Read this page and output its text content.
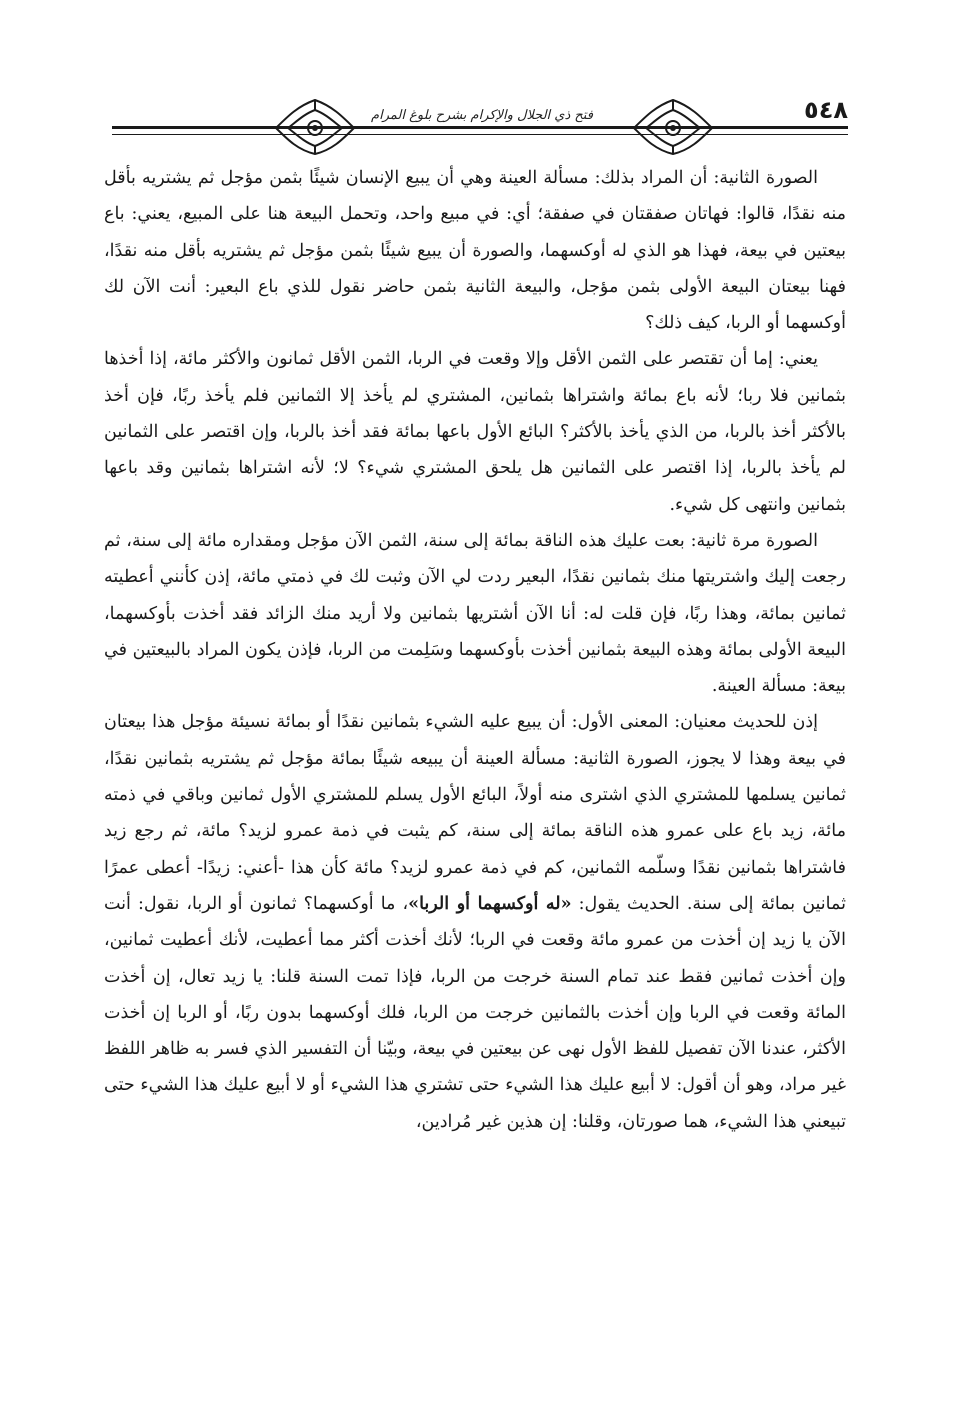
فتح ذي الجلال والإكرام بشرح بلوغ المرام	٥٤٨

الصورة الثانية: أن المراد بذلك: مسألة العينة وهي أن يبيع الإنسان شيئًا بثمن مؤجل ثم يشتريه بأقل منه نقدًا، قالوا: فهاتان صفقتان في صفقة؛ أي: في مبيع واحد، وتحمل البيعة هنا على المبيع، يعني: باع بيعتين في بيعة، فهذا هو الذي له أوكسهما، والصورة أن يبيع شيئًا بثمن مؤجل ثم يشتريه بأقل منه نقدًا، فهنا بيعتان البيعة الأولى بثمن مؤجل، والبيعة الثانية بثمن حاضر نقول للذي باع البعير: أنت الآن لك أوكسهما أو الربا، كيف ذلك؟

يعني: إما أن تقتصر على الثمن الأقل وإلا وقعت في الربا، الثمن الأقل ثمانون والأكثر مائة، إذا أخذها بثمانين فلا ربا؛ لأنه باع بمائة واشتراها بثمانين، المشتري لم يأخذ إلا الثمانين فلم يأخذ ربًا، فإن أخذ بالأكثر أخذ بالربا، من الذي يأخذ بالأكثر؟ البائع الأول باعها بمائة فقد أخذ بالربا، وإن اقتصر على الثمانين لم يأخذ بالربا، إذا اقتصر على الثمانين هل يلحق المشتري شيء؟ لا؛ لأنه اشتراها بثمانين وقد باعها بثمانين وانتهى كل شيء.

الصورة مرة ثانية: بعت عليك هذه الناقة بمائة إلى سنة، الثمن الآن مؤجل ومقداره مائة إلى سنة، ثم رجعت إليك واشتريتها منك بثمانين نقدًا، البعير ردت لي الآن وثبت لك في ذمتي مائة، إذن كأنني أعطيته ثمانين بمائة، وهذا ربًا، فإن قلت له: أنا الآن أشتريها بثمانين ولا أريد منك الزائد فقد أخذت بأوكسهما، البيعة الأولى بمائة وهذه البيعة بثمانين أخذت بأوكسهما وسَلِمت من الربا، فإذن يكون المراد بالبيعتين في بيعة: مسألة العينة.

إذن للحديث معنيان: المعنى الأول: أن يبيع عليه الشيء بثمانين نقدًا أو بمائة نسيئة مؤجل هذا بيعتان في بيعة وهذا لا يجوز، الصورة الثانية: مسألة العينة أن يبيعه شيئًا بمائة مؤجل ثم يشتريه بثمانين نقدًا، ثمانين يسلمها للمشتري الذي اشترى منه أولاً، البائع الأول يسلم للمشتري الأول ثمانين وباقي في ذمته مائة، زيد باع على عمرو هذه الناقة بمائة إلى سنة، كم يثبت في ذمة عمرو لزيد؟ مائة، ثم رجع زيد فاشتراها بثمانين نقدًا وسلّمه الثمانين، كم في ذمة عمرو لزيد؟ مائة كأن هذا -أعني: زيدًا- أعطى عمرًا ثمانين بمائة إلى سنة. الحديث يقول: «له أوكسهما أو الربا»، ما أوكسهما؟ ثمانون أو الربا، نقول: أنت الآن يا زيد إن أخذت من عمرو مائة وقعت في الربا؛ لأنك أخذت أكثر مما أعطيت، لأنك أعطيت ثمانين، وإن أخذت ثمانين فقط عند تمام السنة خرجت من الربا، فإذا تمت السنة قلنا: يا زيد تعال، إن أخذت المائة وقعت في الربا وإن أخذت بالثمانين خرجت من الربا، فلك أوكسهما بدون ربًا، أو الربا إن أخذت الأكثر، عندنا الآن تفصيل للفظ الأول نهى عن بيعتين في بيعة، وبيّنا أن التفسير الذي فسر به ظاهر اللفظ غير مراد، وهو أن أقول: لا أبيع عليك هذا الشيء حتى تشتري هذا الشيء أو لا أبيع عليك هذا الشيء حتى تبيعني هذا الشيء، هما صورتان، وقلنا: إن هذين غير مُرادين،
